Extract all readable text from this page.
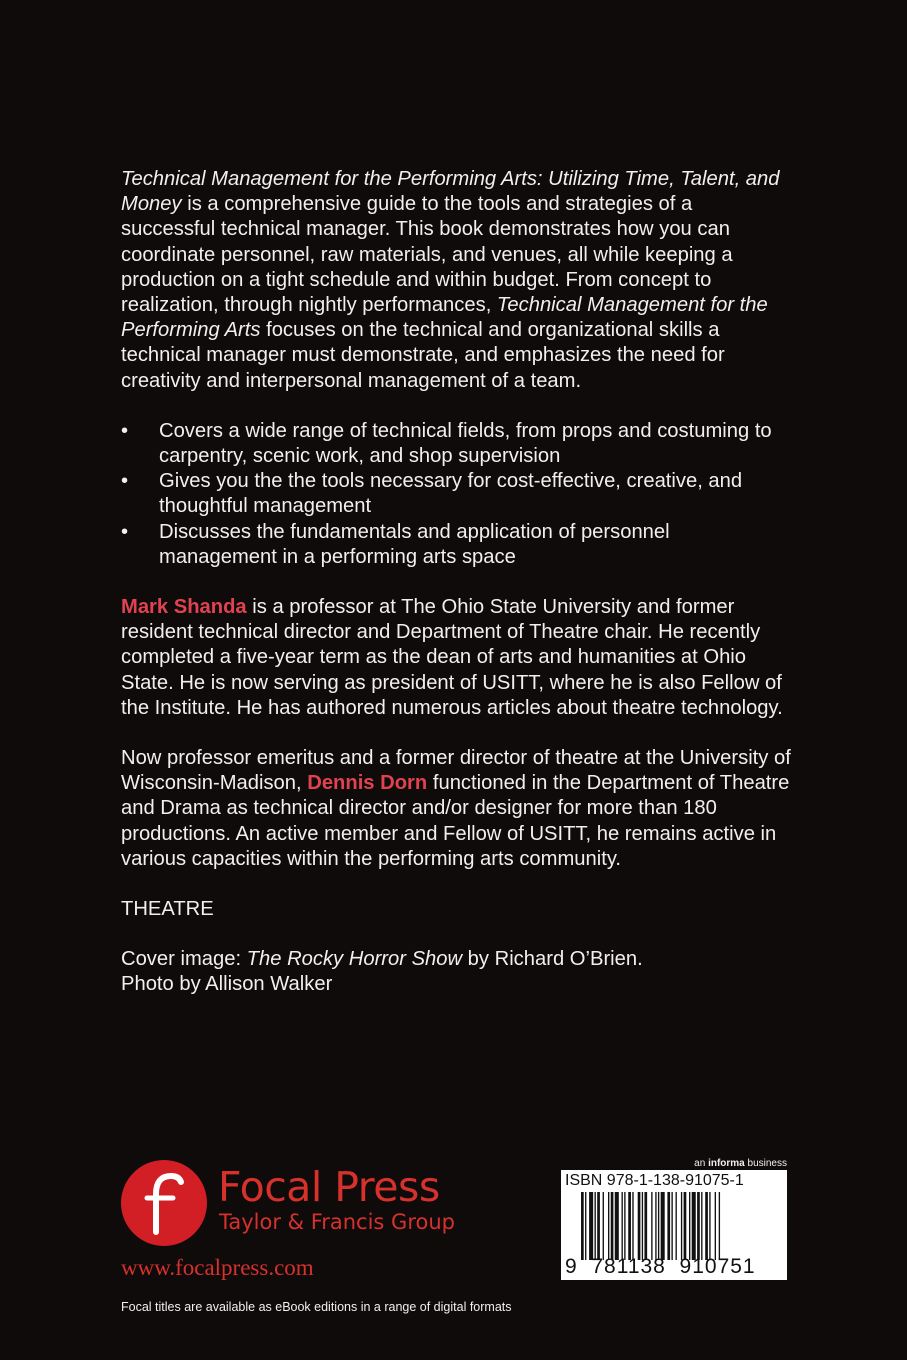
Technical Management for the Performing Arts: Utilizing Time, Talent, and Money is a comprehensive guide to the tools and strategies of a successful technical manager. This book demonstrates how you can coordinate personnel, raw materials, and venues, all while keeping a production on a tight schedule and within budget. From concept to realization, through nightly performances, Technical Management for the Performing Arts focuses on the technical and organizational skills a technical manager must demonstrate, and emphasizes the need for creativity and interpersonal management of a team.

• Covers a wide range of technical fields, from props and costuming to carpentry, scenic work, and shop supervision
• Gives you the the tools necessary for cost-effective, creative, and thoughtful management
• Discusses the fundamentals and application of personnel management in a performing arts space

Mark Shanda is a professor at The Ohio State University and former resident technical director and Department of Theatre chair. He recently completed a five-year term as the dean of arts and humanities at Ohio State. He is now serving as president of USITT, where he is also Fellow of the Institute. He has authored numerous articles about theatre technology.

Now professor emeritus and a former director of theatre at the University of Wisconsin-Madison, Dennis Dorn functioned in the Department of Theatre and Drama as technical director and/or designer for more than 180 productions. An active member and Fellow of USITT, he remains active in various capacities within the performing arts community.

THEATRE

Cover image: The Rocky Horror Show by Richard O’Brien.
Photo by Allison Walker

Focal Press
Taylor & Francis Group
www.focalpress.com
Focal titles are available as eBook editions in a range of digital formats
an informa business
ISBN 978-1-138-91075-1
9  781138  910751
